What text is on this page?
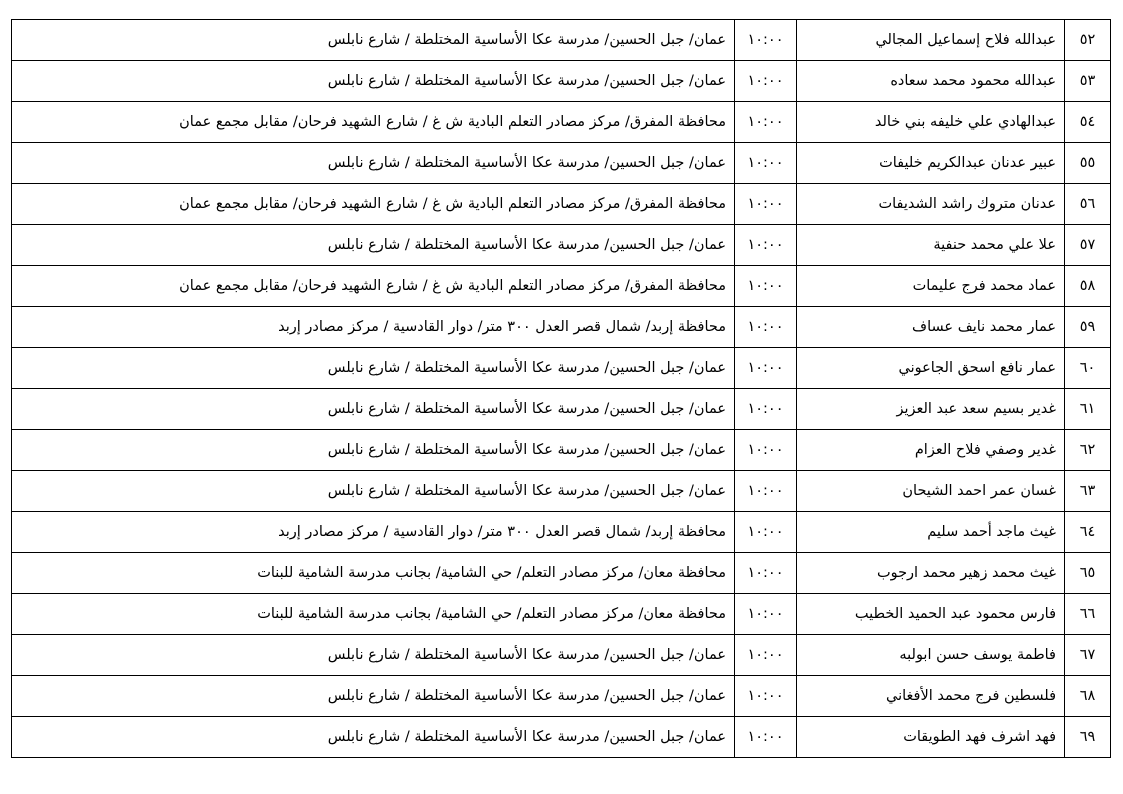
٥٢	عبدالله فلاح إسماعيل المجالي	١٠:٠٠	عمان/ جبل الحسين/ مدرسة عكا الأساسية المختلطة / شارع نابلس
٥٣	عبدالله محمود محمد سعاده	١٠:٠٠	عمان/ جبل الحسين/ مدرسة عكا الأساسية المختلطة / شارع نابلس
٥٤	عبدالهادي علي خليفه بني خالد	١٠:٠٠	محافظة المفرق/ مركز مصادر التعلم البادية ش غ / شارع الشهيد فرحان/ مقابل مجمع عمان
٥٥	عبير عدنان عبدالكريم خليفات	١٠:٠٠	عمان/ جبل الحسين/ مدرسة عكا الأساسية المختلطة / شارع نابلس
٥٦	عدنان متروك راشد الشديفات	١٠:٠٠	محافظة المفرق/ مركز مصادر التعلم البادية ش غ / شارع الشهيد فرحان/ مقابل مجمع عمان
٥٧	علا علي محمد حنفية	١٠:٠٠	عمان/ جبل الحسين/ مدرسة عكا الأساسية المختلطة / شارع نابلس
٥٨	عماد محمد فرج عليمات	١٠:٠٠	محافظة المفرق/ مركز مصادر التعلم البادية ش غ / شارع الشهيد فرحان/ مقابل مجمع عمان
٥٩	عمار محمد نايف عساف	١٠:٠٠	محافظة إربد/ شمال قصر العدل ٣٠٠ متر/ دوار القادسية / مركز مصادر إربد
٦٠	عمار نافع اسحق الجاعوني	١٠:٠٠	عمان/ جبل الحسين/ مدرسة عكا الأساسية المختلطة / شارع نابلس
٦١	غدير بسيم سعد عبد العزيز	١٠:٠٠	عمان/ جبل الحسين/ مدرسة عكا الأساسية المختلطة / شارع نابلس
٦٢	غدير وصفي فلاح العزام	١٠:٠٠	عمان/ جبل الحسين/ مدرسة عكا الأساسية المختلطة / شارع نابلس
٦٣	غسان عمر احمد الشيحان	١٠:٠٠	عمان/ جبل الحسين/ مدرسة عكا الأساسية المختلطة / شارع نابلس
٦٤	غيث ماجد أحمد سليم	١٠:٠٠	محافظة إربد/ شمال قصر العدل ٣٠٠ متر/ دوار القادسية / مركز مصادر إربد
٦٥	غيث محمد زهير محمد ارجوب	١٠:٠٠	محافظة معان/ مركز مصادر التعلم/ حي الشامية/ بجانب مدرسة الشامية للبنات
٦٦	فارس محمود عبد الحميد الخطيب	١٠:٠٠	محافظة معان/ مركز مصادر التعلم/ حي الشامية/ بجانب مدرسة الشامية للبنات
٦٧	فاطمة يوسف حسن ابولبه	١٠:٠٠	عمان/ جبل الحسين/ مدرسة عكا الأساسية المختلطة / شارع نابلس
٦٨	فلسطين فرج محمد الأفغاني	١٠:٠٠	عمان/ جبل الحسين/ مدرسة عكا الأساسية المختلطة / شارع نابلس
٦٩	فهد اشرف فهد الطويقات	١٠:٠٠	عمان/ جبل الحسين/ مدرسة عكا الأساسية المختلطة / شارع نابلس
